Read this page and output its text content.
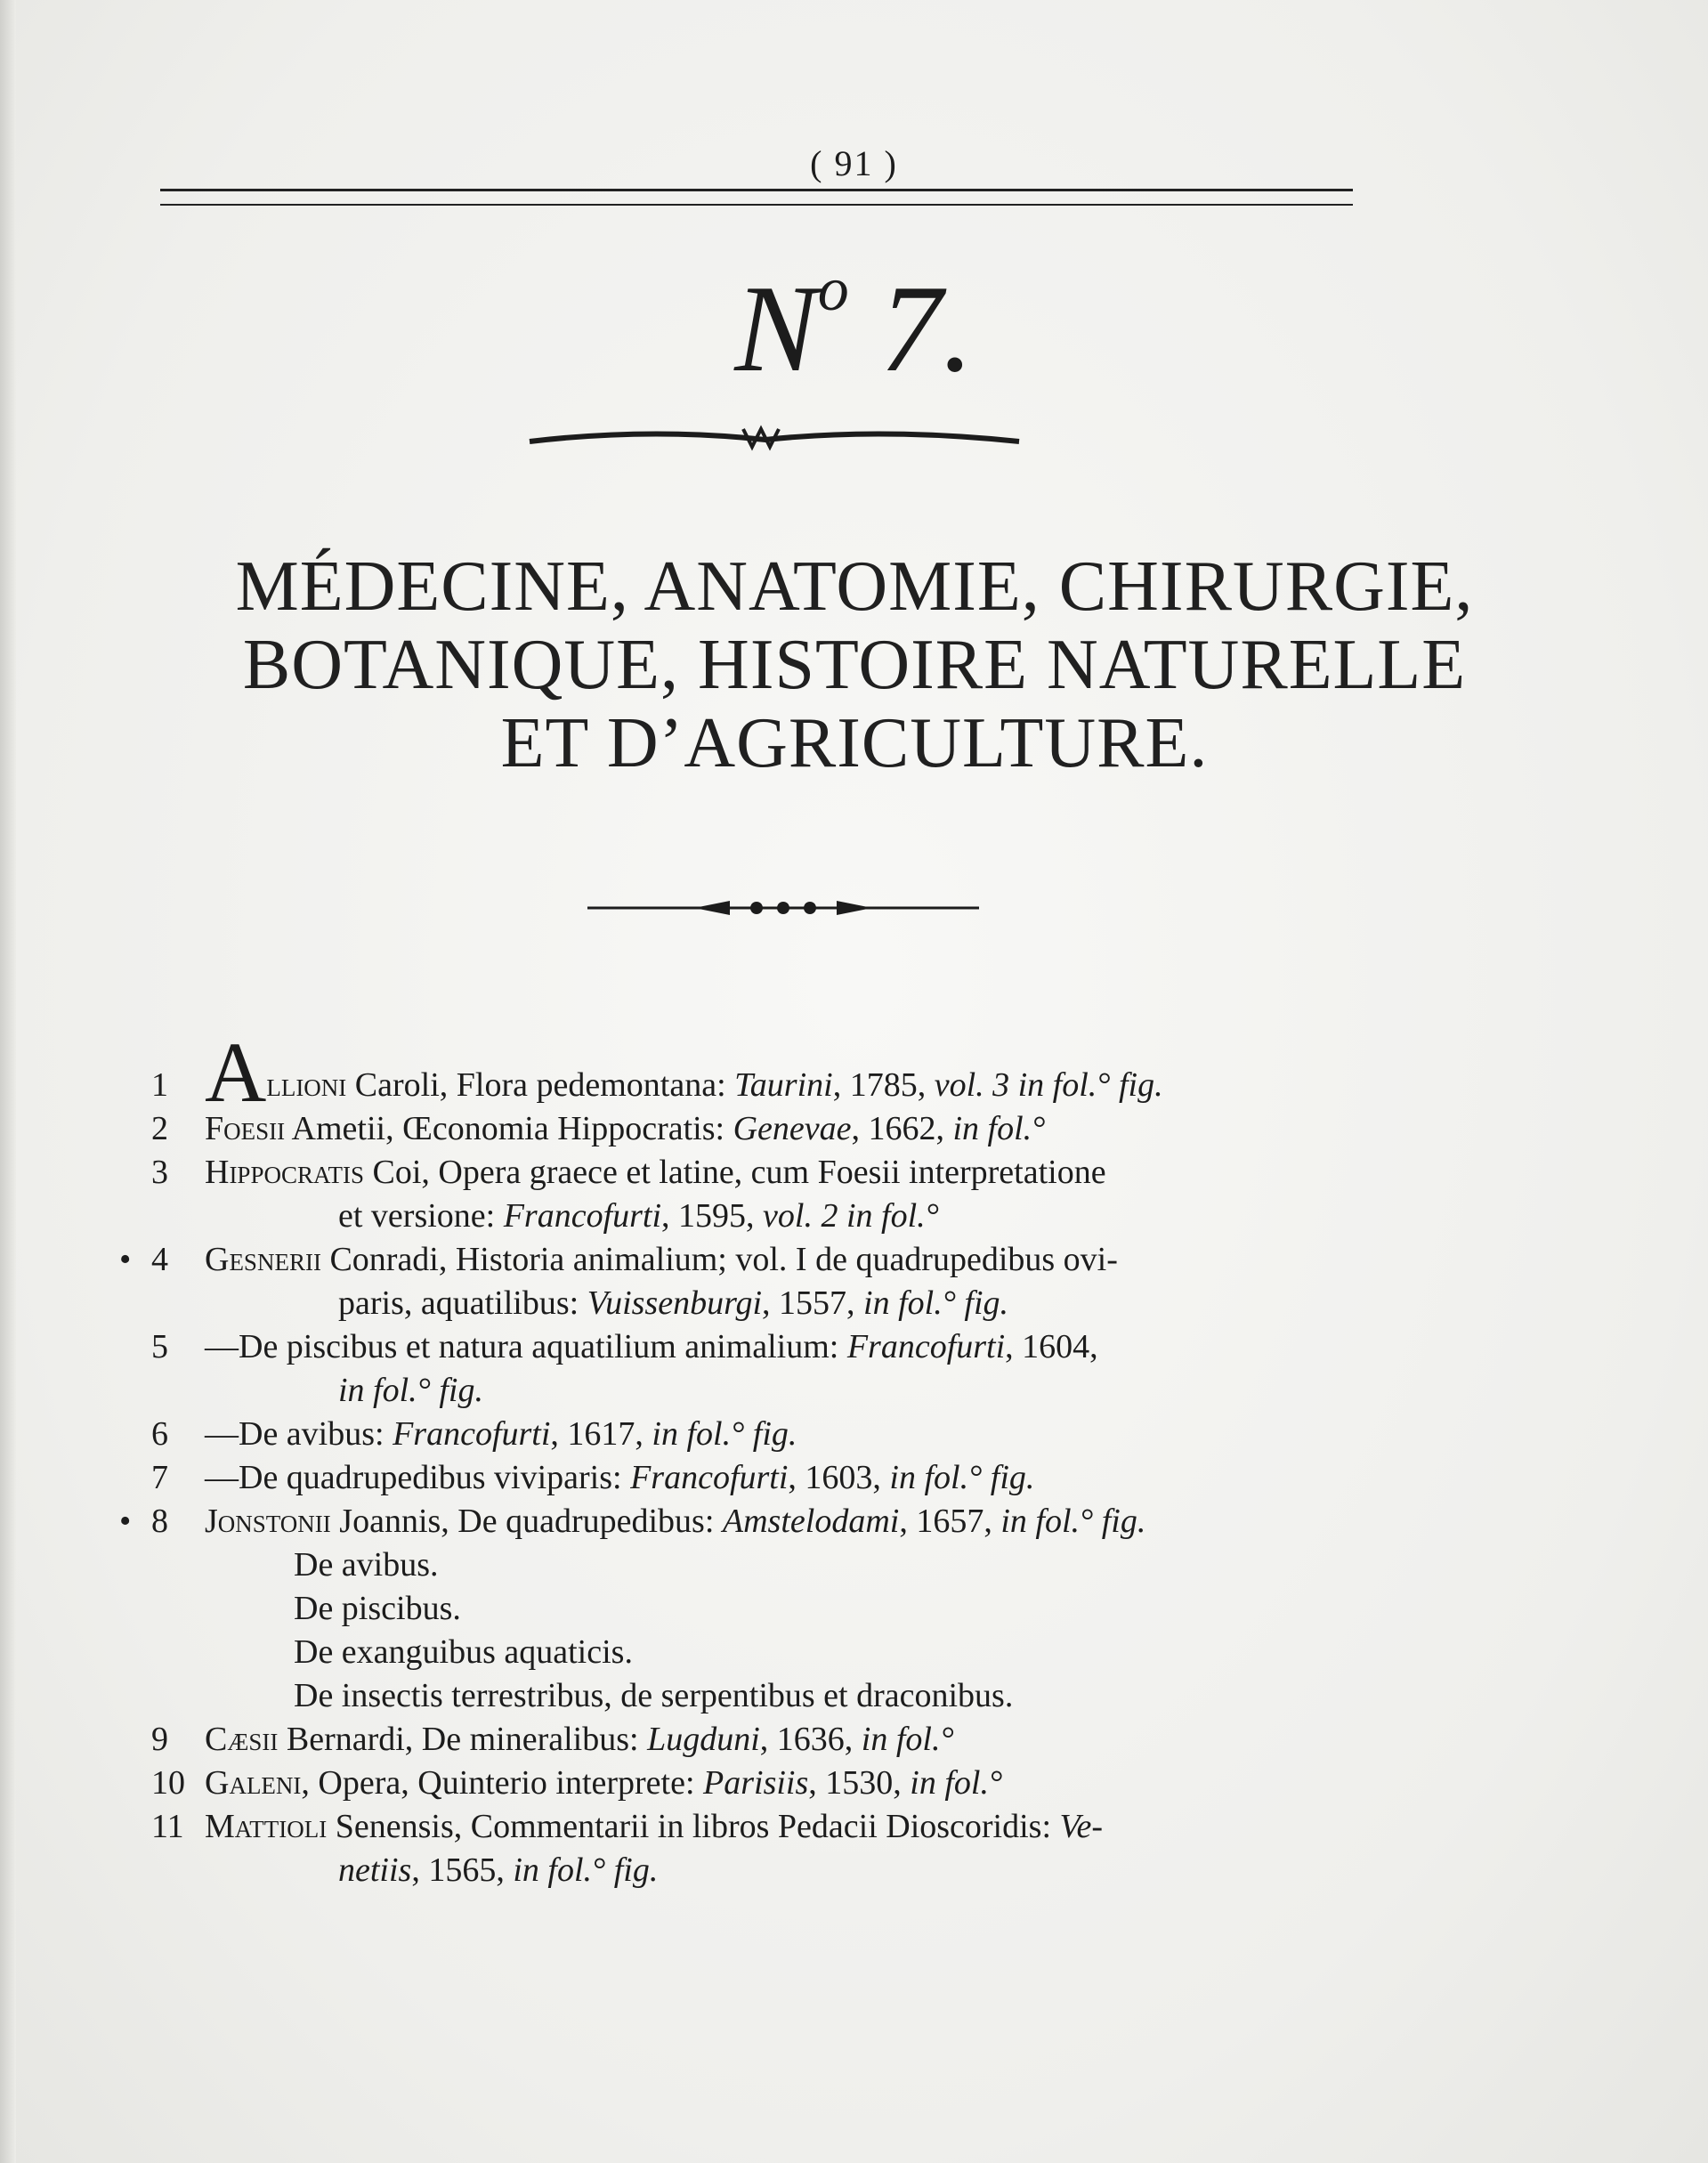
( 91 )
$N^o$ 7.
MÉDECINE, ANATOMIE, CHIRURGIE,
BOTANIQUE, HISTOIRE NATURELLE
ET D’AGRICULTURE.
1 Allioni Caroli, Flora pedemontana: Taurini, 1785, vol. 3 in fol.° fig.
2 Foesii Ametii, Œconomia Hippocratis: Genevae, 1662, in fol.°
3 Hippocratis Coi, Opera graece et latine, cum Foesii interpretatione
et versione: Francofurti, 1595, vol. 2 in fol.°
• 4 Gesnerii Conradi, Historia animalium; vol. I de quadrupedibus ovi-
paris, aquatilibus: Vuissenburgi, 1557, in fol.° fig.
5 —De piscibus et natura aquatilium animalium: Francofurti, 1604,
in fol.° fig.
6 —De avibus: Francofurti, 1617, in fol.° fig.
7 —De quadrupedibus viviparis: Francofurti, 1603, in fol.° fig.
• 8 Jonstonii Joannis, De quadrupedibus: Amstelodami, 1657, in fol.° fig.
De avibus.
De piscibus.
De exanguibus aquaticis.
De insectis terrestribus, de serpentibus et draconibus.
9 Cæsii Bernardi, De mineralibus: Lugduni, 1636, in fol.°
10 Galeni, Opera, Quinterio interprete: Parisiis, 1530, in fol.°
11 Mattioli Senensis, Commentarii in libros Pedacii Dioscoridis: Ve-
netiis, 1565, in fol.° fig.
